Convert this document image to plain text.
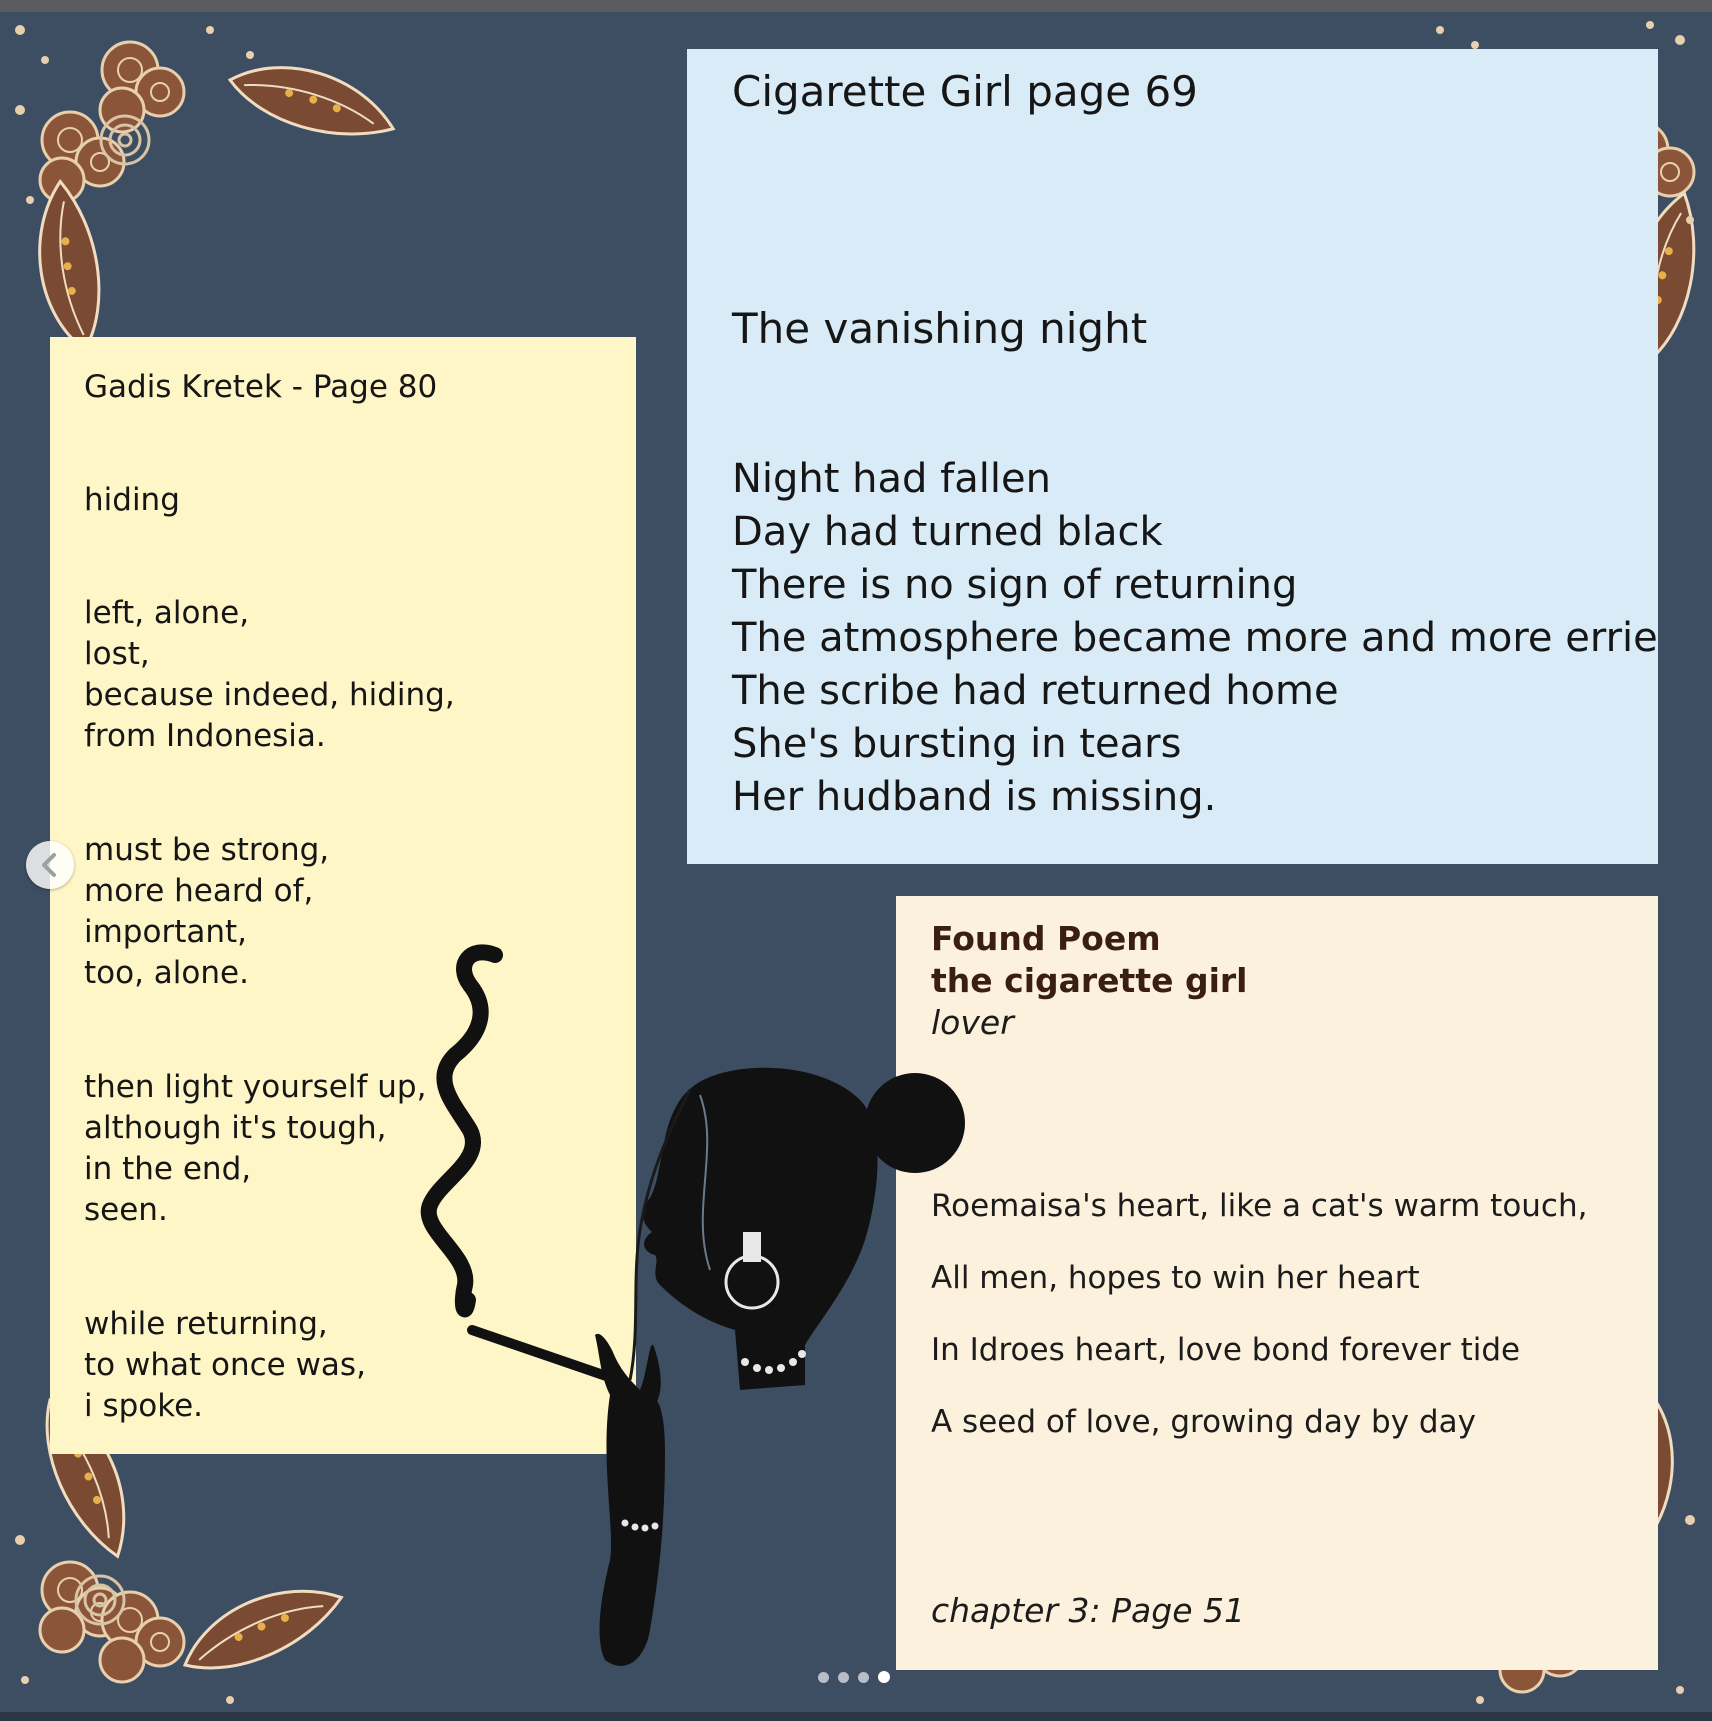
Gadis Kretek - Page 80
hiding
left, alone,
lost,
because indeed, hiding,
from Indonesia.
must be strong,
more heard of,
important,
too, alone.
then light yourself up,
although it's tough,
in the end,
seen.
while returning,
to what once was,
i spoke.
Cigarette Girl page 69
The vanishing night
Night had fallen
Day had turned black
There is no sign of returning
The atmosphere became more and more errie
The scribe had returned home
She's bursting in tears
Her hudband is missing.
Found Poem
the cigarette girl
lover
Roemaisa's heart, like a cat's warm touch,
All men, hopes to win her heart
In Idroes heart, love bond forever tide
A seed of love, growing day by day
chapter 3: Page 51
